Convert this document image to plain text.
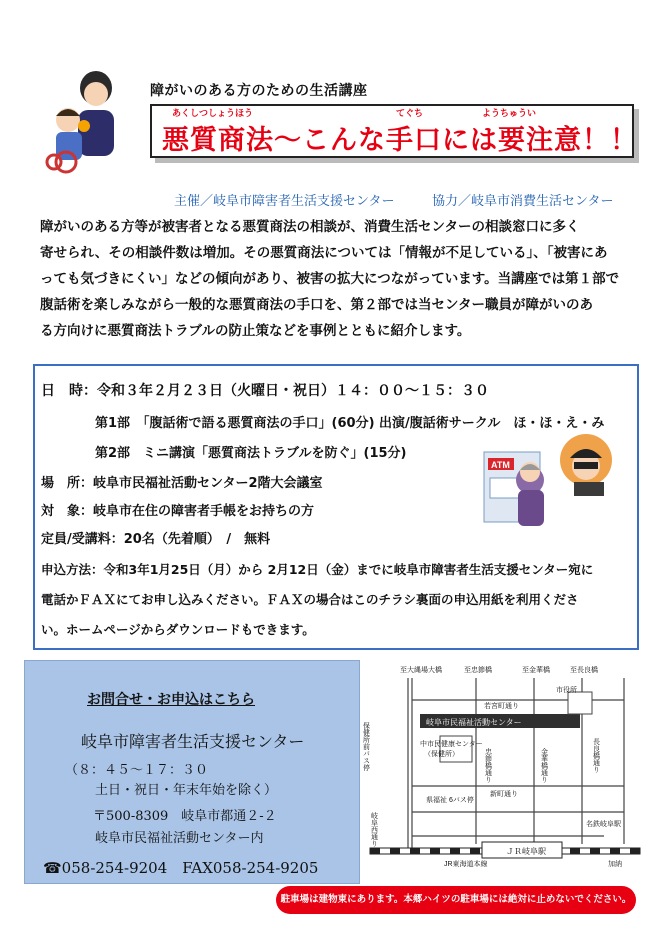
障がいのある方のための生活講座
あくしつしょうほう	てぐち	ようちゅうい
悪質商法～こんな手口には要注意！！
主催／岐阜市障害者生活支援センター	協力／岐阜市消費生活センター

障がいのある方等が被害者となる悪質商法の相談が、消費生活センターの相談窓口に多く

寄せられ、その相談件数は増加。その悪質商法については「情報が不足している」、「被害にあ

っても気づきにくい」などの傾向があり、被害の拡大につながっています。当講座では第１部で

腹話術を楽しみながら一般的な悪質商法の手口を、第２部では当センター職員が障がいのあ

る方向けに悪質商法トラブルの防止策などを事例とともに紹介します。

日　時：令和３年２月２３日（火曜日・祝日）１４：００～１５：３０
第1部　「腹話術で語る悪質商法の手口」(60分) 出演/腹話術サークル　ほ・ほ・え・み
第2部　ミニ講演「悪質商法トラブルを防ぐ」(15分)
場　所：岐阜市民福祉活動センター2階大会議室
対　象：岐阜市在住の障害者手帳をお持ちの方
定員/受講料：20名（先着順）　/　無料
申込方法：令和3年1月25日（月）から 2月12日（金）までに岐阜市障害者生活支援センター宛に
電話かＦＡＸにてお申し込みください。ＦＡＸの場合はこのチラシ裏面の申込用紙を利用くださ
い。ホームページからダウンロードもできます。
ATM
お問合せ・お申込はこちら
岐阜市障害者生活支援センター
（８：４５～１７：３０
土日・祝日・年末年始を除く）
〒500-8309　岐阜市都通２-２
岐阜市民福祉活動センター内
☎058-254-9204　FAX058-254-9205
至大縄場大橋	至忠節橋	至金華橋	至長良橋
市役所
若宮町通り
保健所前バス停	岐阜市民福祉活動センター
中市民健康センター
（保健所）	忠節橋通り	金華橋通り	長良橋通り
新町通り
県福祉 6バス停
岐阜西通り	名鉄岐阜駅
ＪＲ岐阜駅
JR東海道本線	加納
駐車場は建物東にあります。本郷ハイツの駐車場には絶対に止めないでください。
